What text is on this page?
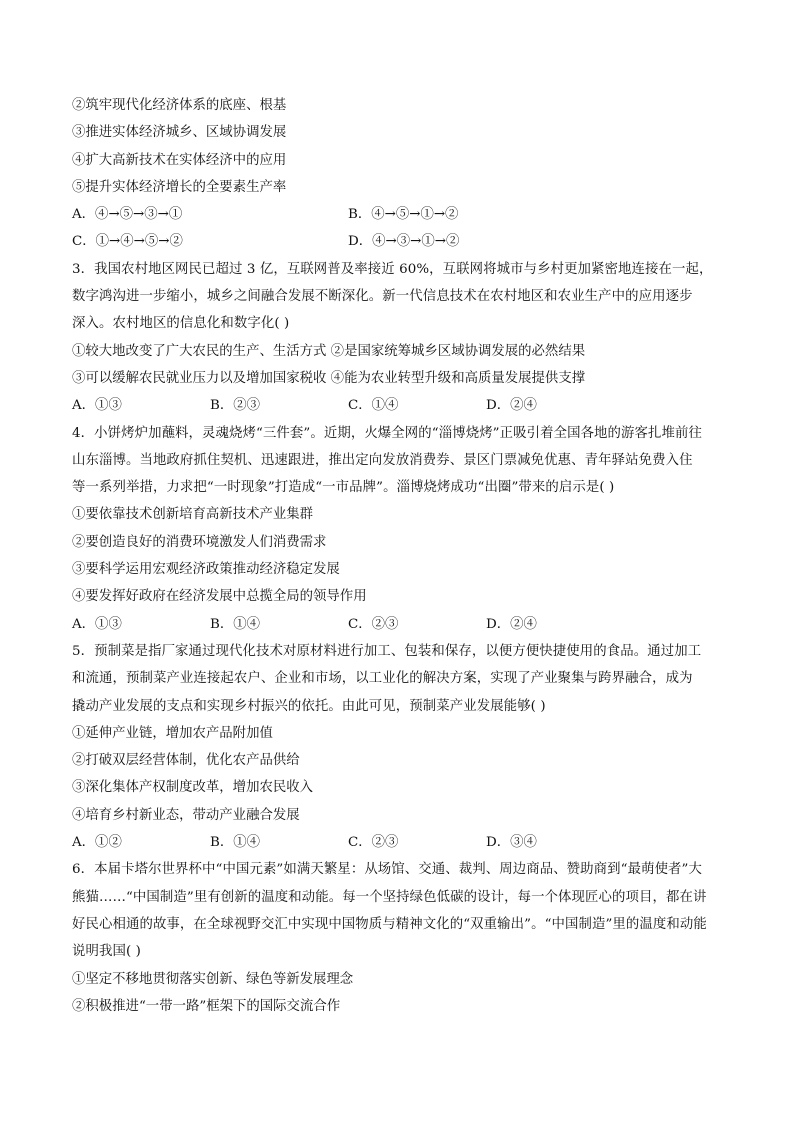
②筑牢现代化经济体系的底座、根基
③推进实体经济城乡、区域协调发展
④扩大高新技术在实体经济中的应用
⑤提升实体经济增长的全要素生产率
A．④→⑤→③→①	B．④→⑤→①→②
C．①→④→⑤→②	D．④→③→①→②
3．我国农村地区网民已超过 3 亿，互联网普及率接近 60%，互联网将城市与乡村更加紧密地连接在一起，
数字鸿沟进一步缩小，城乡之间融合发展不断深化。新一代信息技术在农村地区和农业生产中的应用逐步
深入。农村地区的信息化和数字化( )
①较大地改变了广大农民的生产、生活方式 ②是国家统筹城乡区域协调发展的必然结果
③可以缓解农民就业压力以及增加国家税收 ④能为农业转型升级和高质量发展提供支撑
A．①③	B．②③	C．①④	D．②④
4．小饼烤炉加蘸料，灵魂烧烤“三件套”。近期，火爆全网的“淄博烧烤”正吸引着全国各地的游客扎堆前往
山东淄博。当地政府抓住契机、迅速跟进，推出定向发放消费券、景区门票减免优惠、青年驿站免费入住
等一系列举措，力求把“一时现象”打造成“一市品牌”。淄博烧烤成功“出圈”带来的启示是( )
①要依靠技术创新培育高新技术产业集群
②要创造良好的消费环境激发人们消费需求
③要科学运用宏观经济政策推动经济稳定发展
④要发挥好政府在经济发展中总揽全局的领导作用
A．①③	B．①④	C．②③	D．②④
5．预制菜是指厂家通过现代化技术对原材料进行加工、包装和保存，以便方便快捷使用的食品。通过加工
和流通，预制菜产业连接起农户、企业和市场，以工业化的解决方案，实现了产业聚集与跨界融合，成为
撬动产业发展的支点和实现乡村振兴的依托。由此可见，预制菜产业发展能够( )
①延伸产业链，增加农产品附加值
②打破双层经营体制，优化农产品供给
③深化集体产权制度改革，增加农民收入
④培育乡村新业态，带动产业融合发展
A．①②	B．①④	C．②③	D．③④
6．本届卡塔尔世界杯中“中国元素”如满天繁星：从场馆、交通、裁判、周边商品、赞助商到“最萌使者”大
熊猫……“中国制造”里有创新的温度和动能。每一个坚持绿色低碳的设计，每一个体现匠心的项目，都在讲
好民心相通的故事，在全球视野交汇中实现中国物质与精神文化的“双重输出”。“中国制造”里的温度和动能
说明我国( )
①坚定不移地贯彻落实创新、绿色等新发展理念
②积极推进“一带一路”框架下的国际交流合作
